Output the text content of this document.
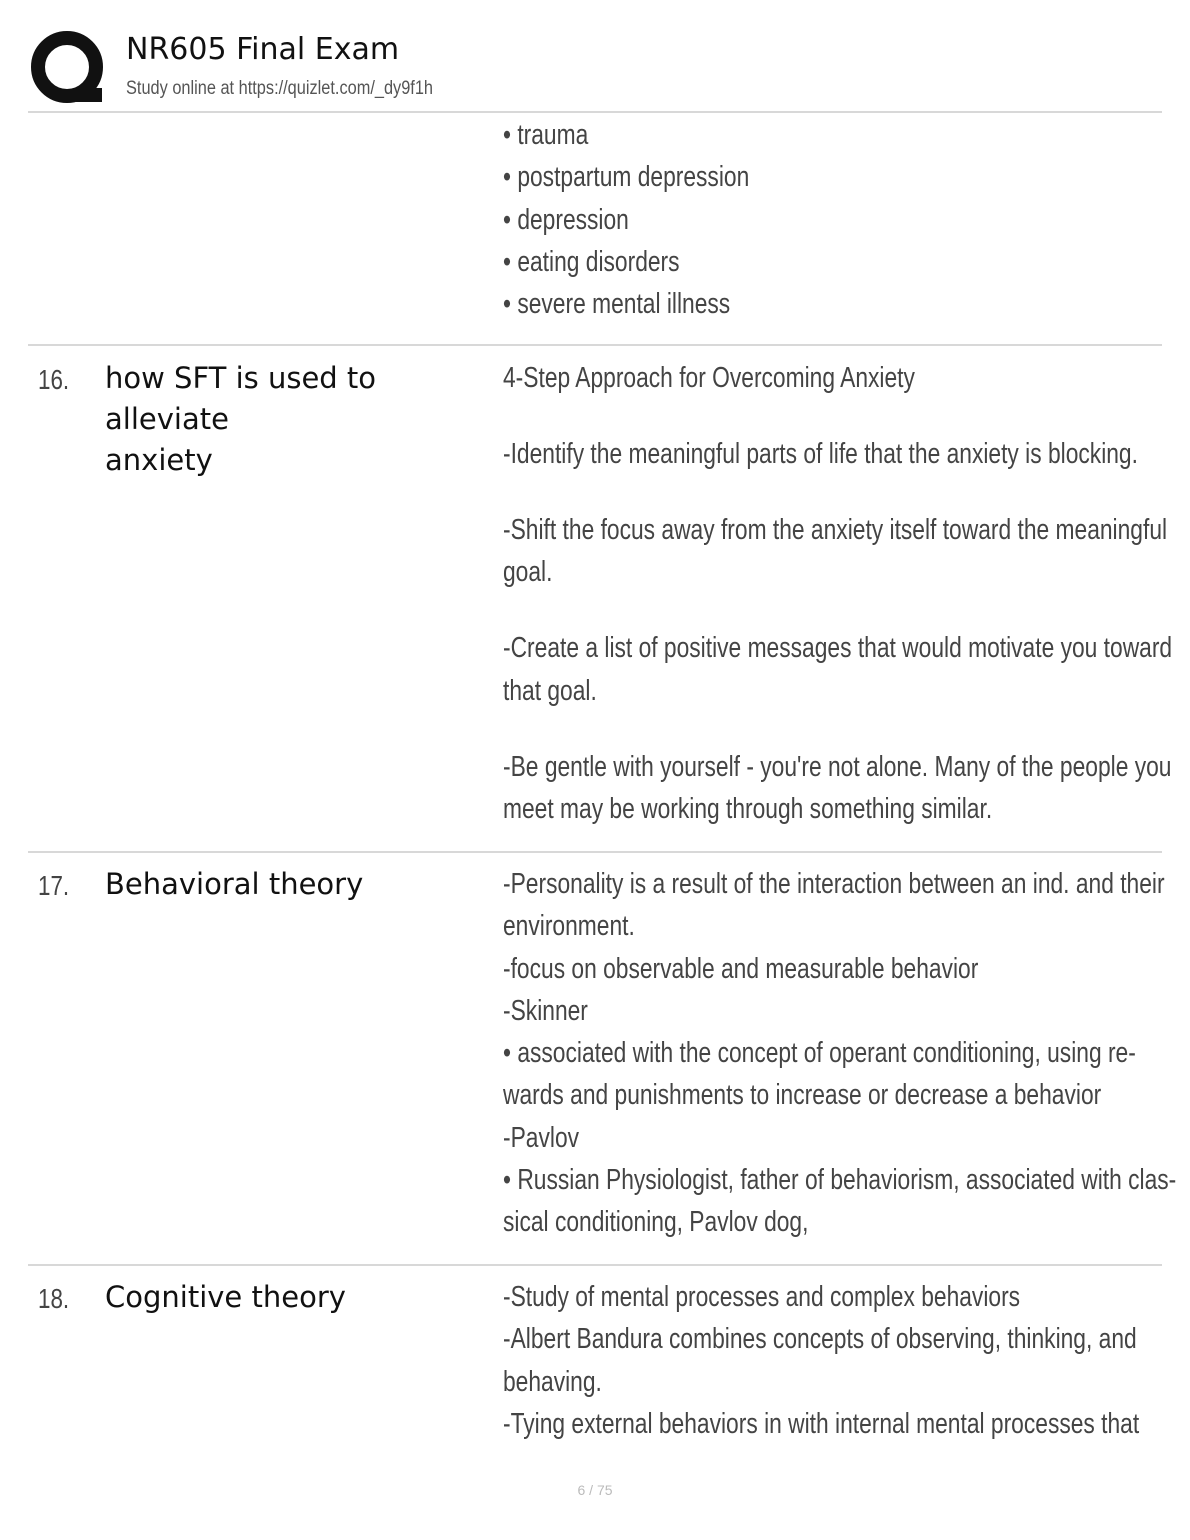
NR605 Final Exam
Study online at https://quizlet.com/_dy9f1h
• trauma
• postpartum depression
• depression
• eating disorders
• severe mental illness
16. how SFT is used to alleviate
anxiety
4-Step Approach for Overcoming Anxiety
-Identify the meaningful parts of life that the anxiety is blocking.
-Shift the focus away from the anxiety itself toward the meaningful
goal.
-Create a list of positive messages that would motivate you toward
that goal.
-Be gentle with yourself - you're not alone. Many of the people you
meet may be working through something similar.
17. Behavioral theory	-Personality is a result of the interaction between an ind. and their
environment.
-focus on observable and measurable behavior
-Skinner
• associated with the concept of operant conditioning, using re-
wards and punishments to increase or decrease a behavior
-Pavlov
• Russian Physiologist, father of behaviorism, associated with clas-
sical conditioning, Pavlov dog,
18. Cognitive theory	-Study of mental processes and complex behaviors
-Albert Bandura combines concepts of observing, thinking, and
behaving.
-Tying external behaviors in with internal mental processes that
6 / 75
